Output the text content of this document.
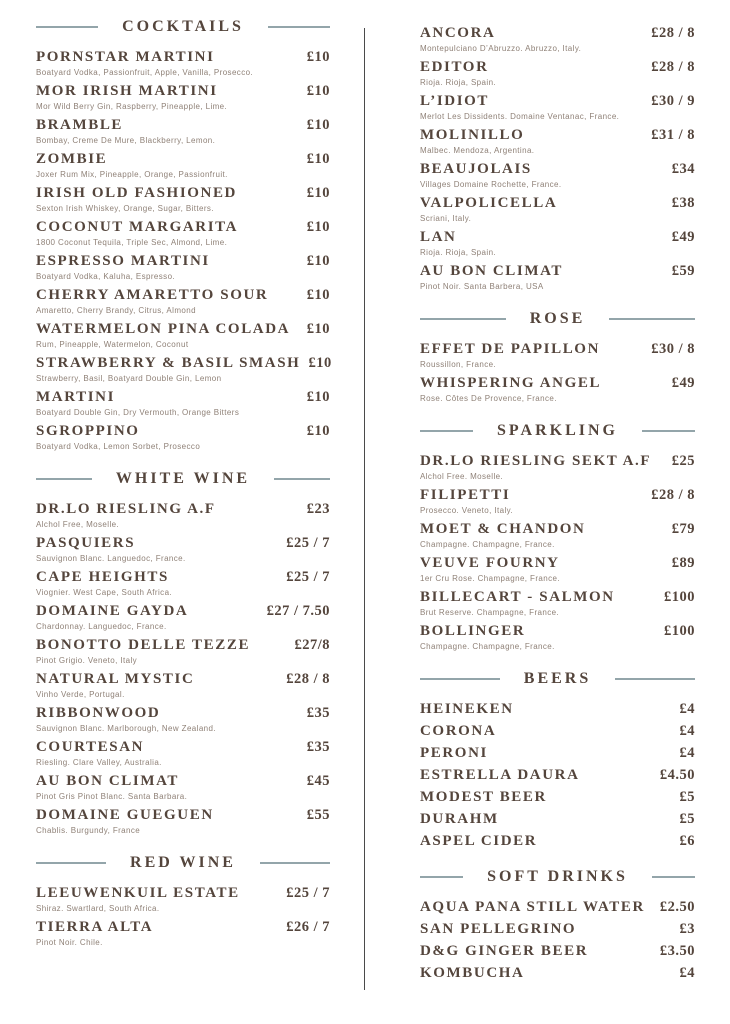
COCKTAILS
PORNSTAR MARTINI	£10
Boatyard Vodka, Passionfruit, Apple, Vanilla, Prosecco.
MOR IRISH MARTINI	£10
Mor Wild Berry Gin, Raspberry, Pineapple, Lime.
BRAMBLE	£10
Bombay, Creme De Mure, Blackberry, Lemon.
ZOMBIE	£10
Joxer Rum Mix, Pineapple, Orange, Passionfruit.
IRISH OLD FASHIONED	£10
Sexton Irish Whiskey, Orange, Sugar, Bitters.
COCONUT MARGARITA	£10
1800 Coconut Tequila, Triple Sec, Almond, Lime.
ESPRESSO MARTINI	£10
Boatyard Vodka, Kaluha, Espresso.
CHERRY AMARETTO SOUR	£10
Amaretto, Cherry Brandy, Citrus, Almond
WATERMELON PINA COLADA	£10
Rum, Pineapple, Watermelon, Coconut
STRAWBERRY & BASIL SMASH £10
Strawberry, Basil, Boatyard Double Gin, Lemon
MARTINI	£10
Boatyard Double Gin, Dry Vermouth, Orange Bitters
SGROPPINO	£10
Boatyard Vodka, Lemon Sorbet, Prosecco
WHITE WINE
DR.LO RIESLING A.F	£23
Alchol Free, Moselle.
PASQUIERS	£25 / 7
Sauvignon Blanc. Languedoc, France.
CAPE HEIGHTS	£25 / 7
Viognier. West Cape, South Africa.
DOMAINE GAYDA	£27 / 7.50
Chardonnay. Languedoc, France.
BONOTTO DELLE TEZZE	£27/8
Pinot Grigio. Veneto, Italy
NATURAL MYSTIC	£28 / 8
Vinho Verde, Portugal.
RIBBONWOOD	£35
Sauvignon Blanc. Marlborough, New Zealand.
COURTESAN	£35
Riesling. Clare Valley, Australia.
AU BON CLIMAT	£45
Pinot Gris Pinot Blanc. Santa Barbara.
DOMAINE GUEGUEN	£55
Chablis. Burgundy, France
RED WINE
LEEUWENKUIL ESTATE	£25 / 7
Shiraz. Swartlard, South Africa.
TIERRA ALTA	£26 / 7
Pinot Noir. Chile.
ANCORA	£28 / 8
Montepulciano D’Abruzzo. Abruzzo, Italy.
EDITOR	£28 / 8
Rioja. Rioja, Spain.
L’IDIOT	£30 / 9
Merlot Les Dissidents. Domaine Ventanac, France.
MOLINILLO	£31 / 8
Malbec. Mendoza, Argentina.
BEAUJOLAIS	£34
Villages Domaine Rochette, France.
VALPOLICELLA	£38
Scriani, Italy.
LAN	£49
Rioja. Rioja, Spain.
AU BON CLIMAT	£59
Pinot Noir. Santa Barbera, USA
ROSE
EFFET DE PAPILLON	£30 / 8
Roussillon, France.
WHISPERING ANGEL	£49
Rose. Côtes De Provence, France.
SPARKLING
DR.LO RIESLING SEKT A.F	£25
Alchol Free. Moselle.
FILIPETTI	£28 / 8
Prosecco. Veneto, Italy.
MOET & CHANDON	£79
Champagne. Champagne, France.
VEUVE FOURNY	£89
1er Cru Rose. Champagne, France.
BILLECART - SALMON	£100
Brut Reserve. Champagne, France.
BOLLINGER	£100
Champagne. Champagne, France.
BEERS
HEINEKEN	£4
CORONA	£4
PERONI	£4
ESTRELLA DAURA	£4.50
MODEST BEER	£5
DURAHM	£5
ASPEL CIDER	£6
SOFT DRINKS
AQUA PANA STILL WATER	£2.50
SAN PELLEGRINO	£3
D&G GINGER BEER	£3.50
KOMBUCHA	£4
